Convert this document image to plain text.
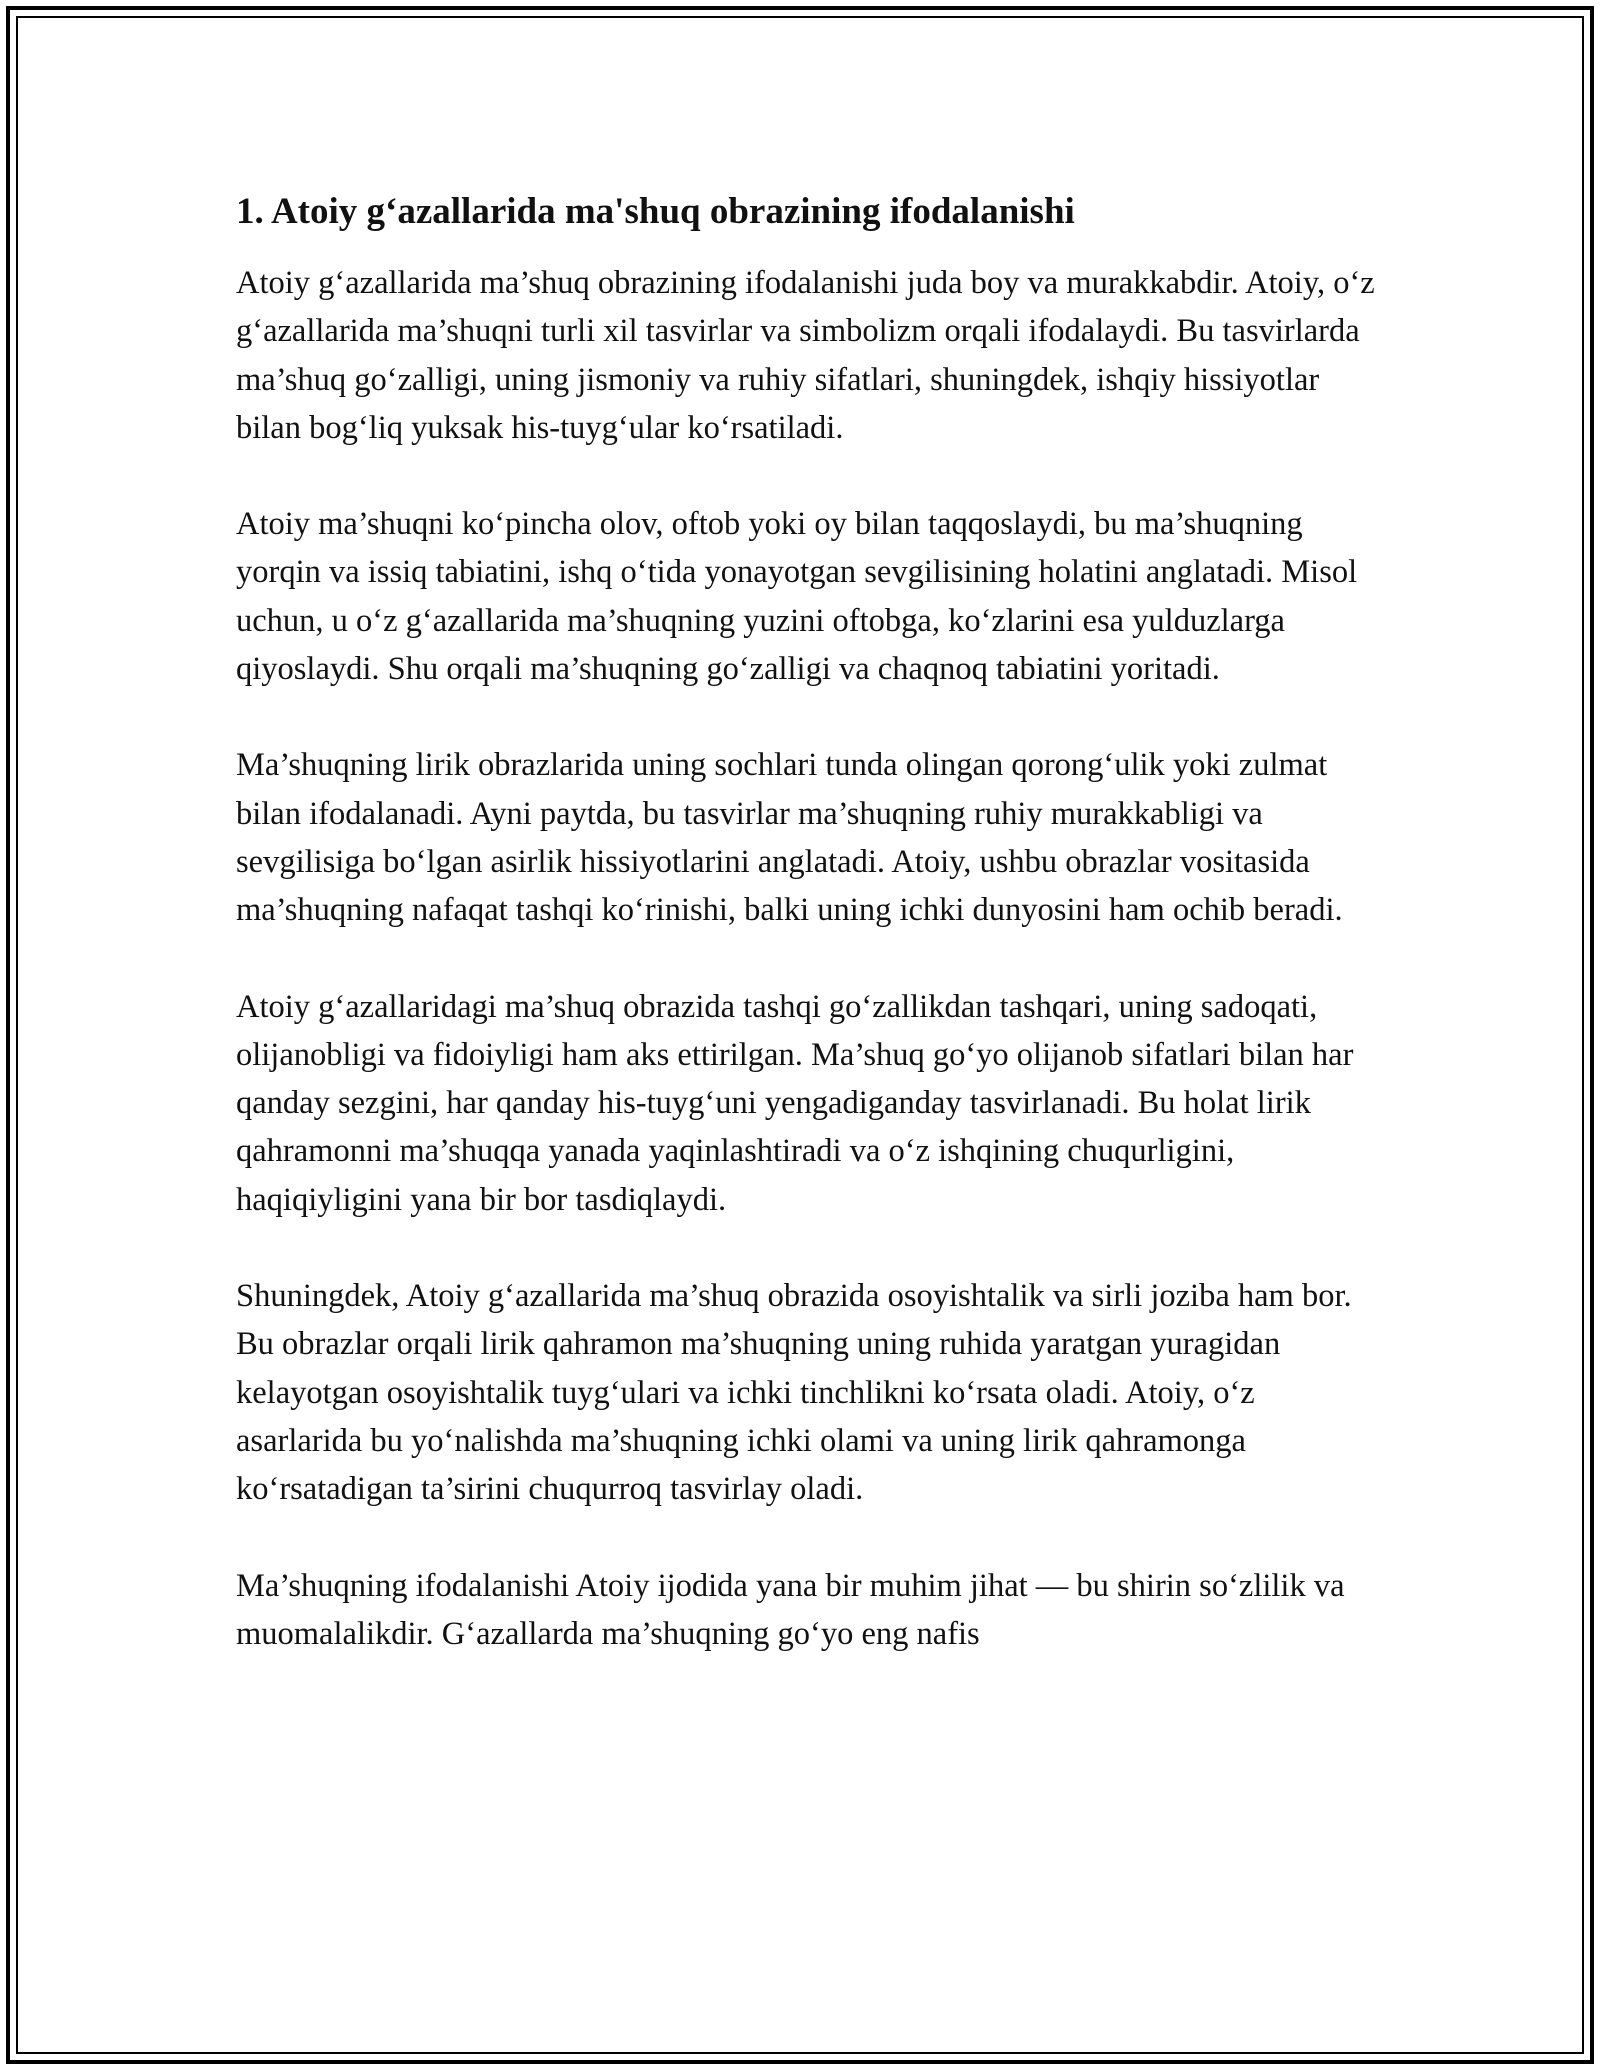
1. Atoiy g‘azallarida ma'shuq obrazining ifodalanishi

Atoiy g‘azallarida ma’shuq obrazining ifodalanishi juda boy va murakkabdir. Atoiy, o‘z g‘azallarida ma’shuqni turli xil tasvirlar va simbolizm orqali ifodalaydi. Bu tasvirlarda ma’shuq go‘zalligi, uning jismoniy va ruhiy sifatlari, shuningdek, ishqiy hissiyotlar bilan bog‘liq yuksak his-tuyg‘ular ko‘rsatiladi.

Atoiy ma’shuqni ko‘pincha olov, oftob yoki oy bilan taqqoslaydi, bu ma’shuqning yorqin va issiq tabiatini, ishq o‘tida yonayotgan sevgilisining holatini anglatadi. Misol uchun, u o‘z g‘azallarida ma’shuqning yuzini oftobga, ko‘zlarini esa yulduzlarga qiyoslaydi. Shu orqali ma’shuqning go‘zalligi va chaqnoq tabiatini yoritadi.

Ma’shuqning lirik obrazlarida uning sochlari tunda olingan qorong‘ulik yoki zulmat bilan ifodalanadi. Ayni paytda, bu tasvirlar ma’shuqning ruhiy murakkabligi va sevgilisiga bo‘lgan asirlik hissiyotlarini anglatadi. Atoiy, ushbu obrazlar vositasida ma’shuqning nafaqat tashqi ko‘rinishi, balki uning ichki dunyosini ham ochib beradi.

Atoiy g‘azallaridagi ma’shuq obrazida tashqi go‘zallikdan tashqari, uning sadoqati, olijanobligi va fidoiyligi ham aks ettirilgan. Ma’shuq go‘yo olijanob sifatlari bilan har qanday sezgini, har qanday his-tuyg‘uni yengadiganday tasvirlanadi. Bu holat lirik qahramonni ma’shuqqa yanada yaqinlashtiradi va o‘z ishqining chuqurligini, haqiqiyligini yana bir bor tasdiqlaydi.

Shuningdek, Atoiy g‘azallarida ma’shuq obrazida osoyishtalik va sirli joziba ham bor. Bu obrazlar orqali lirik qahramon ma’shuqning uning ruhida yaratgan yuragidan kelayotgan osoyishtalik tuyg‘ulari va ichki tinchlikni ko‘rsata oladi. Atoiy, o‘z asarlarida bu yo‘nalishda ma’shuqning ichki olami va uning lirik qahramonga ko‘rsatadigan ta’sirini chuqurroq tasvirlay oladi.

Ma’shuqning ifodalanishi Atoiy ijodida yana bir muhim jihat — bu shirin so‘zlilik va muomalalikdir. G‘azallarda ma’shuqning go‘yo eng nafis
